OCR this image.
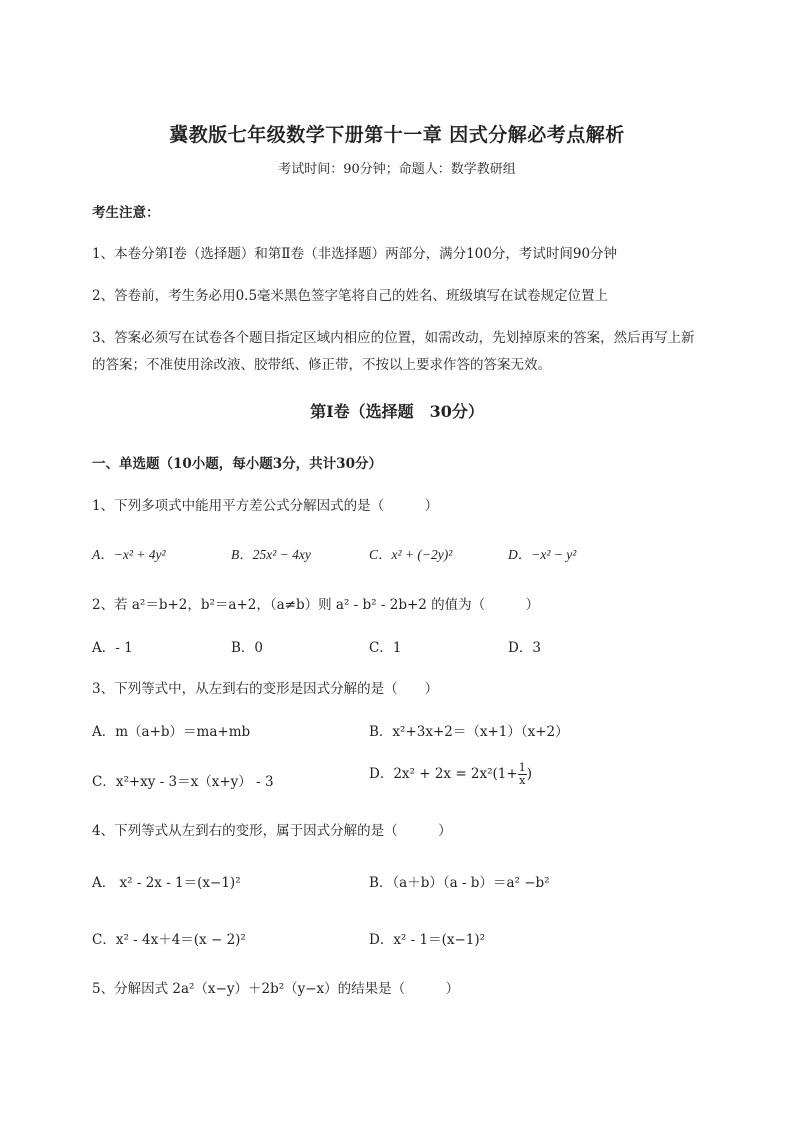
冀教版七年级数学下册第十一章 因式分解必考点解析
考试时间：90分钟；命题人：数学教研组
考生注意：
1、本卷分第I卷（选择题）和第Ⅱ卷（非选择题）两部分，满分100分，考试时间90分钟
2、答卷前，考生务必用0.5毫米黑色签字笔将自己的姓名、班级填写在试卷规定位置上
3、答案必须写在试卷各个题目指定区域内相应的位置，如需改动，先划掉原来的答案，然后再写上新
的答案；不准使用涂改液、胶带纸、修正带，不按以上要求作答的答案无效。
第I卷（选择题　30分）
一、单选题（10小题，每小题3分，共计30分）
1、下列多项式中能用平方差公式分解因式的是（　　　）
A．−x² + 4y²	B．25x² − 4xy	C．x² + (−2y)²	D．−x² − y²
2、若 a²＝b+2，b²＝a+2，（a≠b）则 a² - b² - 2b+2 的值为（　　　）
A．- 1	B．0	C．1	D．3
3、下列等式中，从左到右的变形是因式分解的是（　　）
A．m（a+b）＝ma+mb	B．x²+3x+2＝（x+1）（x+2）
C．x²+xy - 3＝x（x+y） - 3	D．$2x^2 + 2x = 2x^2(1+ \frac{1}{x}$ )
4、下列等式从左到右的变形，属于因式分解的是（　　　）
A． x² - 2x - 1＝(x−1)²	B．（a＋b）（a - b）＝a² −b²
C．x² - 4x＋4＝(x − 2)²	D．x² - 1＝(x−1)²
5、分解因式 2a²（x−y）＋2b²（y−x）的结果是（　　　）
